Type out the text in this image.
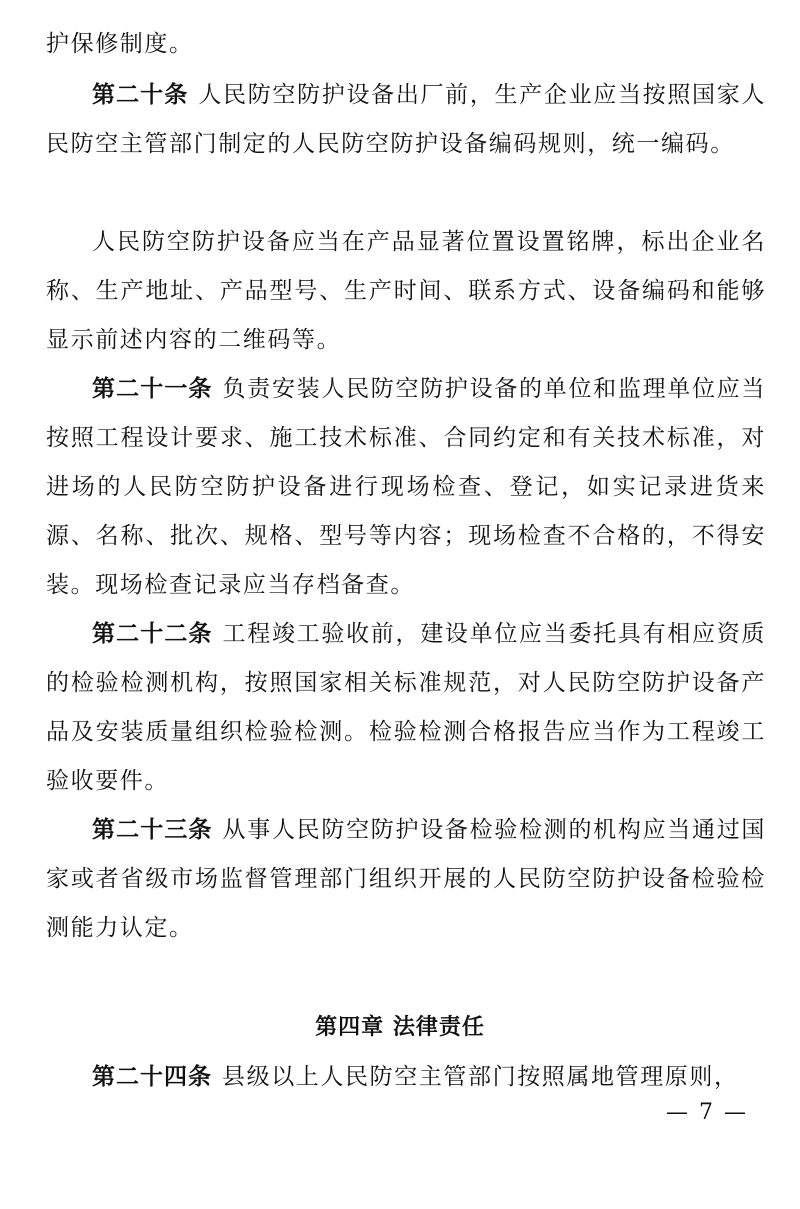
护保修制度。

第二十条 人民防空防护设备出厂前，生产企业应当按照国家人民防空主管部门制定的人民防空防护设备编码规则，统一编码。

人民防空防护设备应当在产品显著位置设置铭牌，标出企业名称、生产地址、产品型号、生产时间、联系方式、设备编码和能够显示前述内容的二维码等。

第二十一条 负责安装人民防空防护设备的单位和监理单位应当按照工程设计要求、施工技术标准、合同约定和有关技术标准，对进场的人民防空防护设备进行现场检查、登记，如实记录进货来源、名称、批次、规格、型号等内容；现场检查不合格的，不得安装。现场检查记录应当存档备查。

第二十二条 工程竣工验收前，建设单位应当委托具有相应资质的检验检测机构，按照国家相关标准规范，对人民防空防护设备产品及安装质量组织检验检测。检验检测合格报告应当作为工程竣工验收要件。

第二十三条 从事人民防空防护设备检验检测的机构应当通过国家或者省级市场监督管理部门组织开展的人民防空防护设备检验检测能力认定。

第四章 法律责任

第二十四条 县级以上人民防空主管部门按照属地管理原则，

— 7 —
